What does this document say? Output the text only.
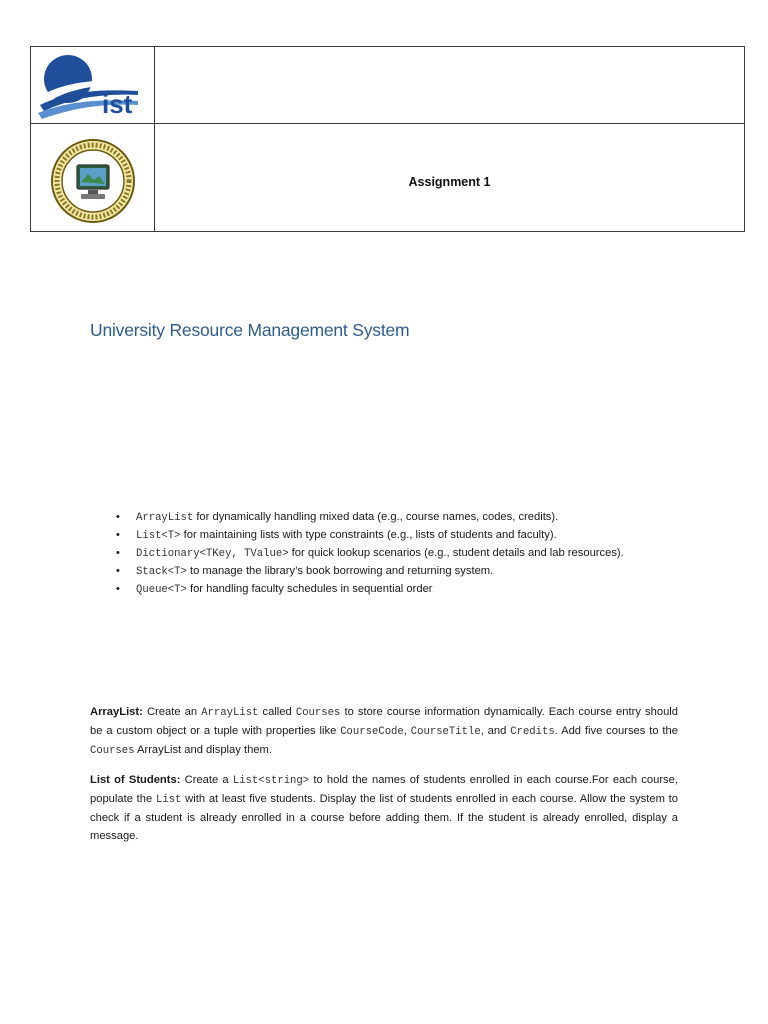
ist
Assignment 1
University Resource Management System
• ArrayList for dynamically handling mixed data (e.g., course names, codes, credits).
• List<T> for maintaining lists with type constraints (e.g., lists of students and faculty).
• Dictionary<TKey, TValue> for quick lookup scenarios (e.g., student details and lab resources).
• Stack<T> to manage the library’s book borrowing and returning system.
• Queue<T> for handling faculty schedules in sequential order

ArrayList: Create an ArrayList called Courses to store course information dynamically. Each course entry should be a custom object or a tuple with properties like CourseCode, CourseTitle, and Credits. Add five courses to the Courses ArrayList and display them.

List of Students: Create a List<string> to hold the names of students enrolled in each course.For each course, populate the List with at least five students. Display the list of students enrolled in each course. Allow the system to check if a student is already enrolled in a course before adding them. If the student is already enrolled, display a message.
